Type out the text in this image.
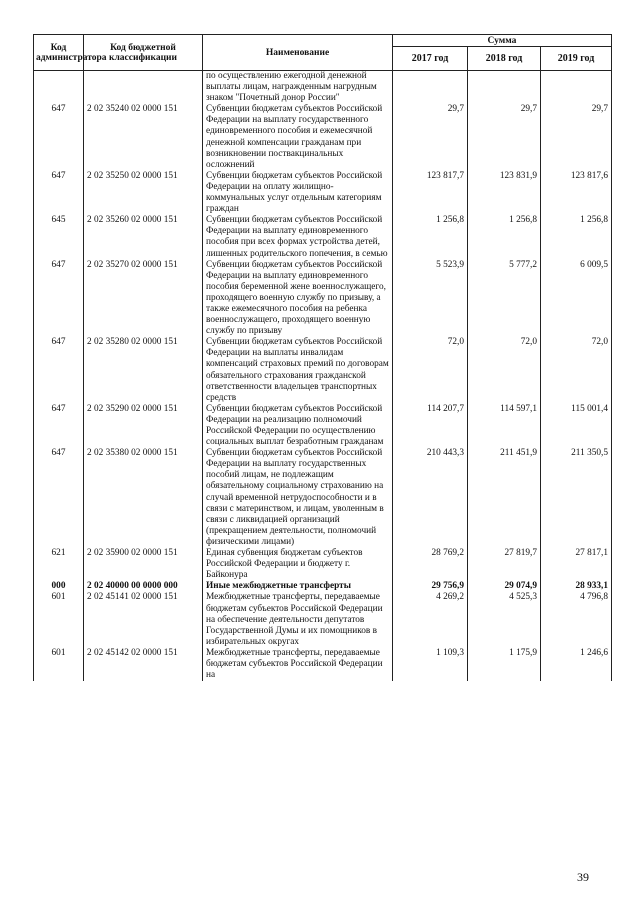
Код администратора	Код бюджетной классификации	Наименование	Сумма		
			2017 год	2018 год	2019 год
		по осуществлению ежегодной денежной выплаты лицам, награжденным нагрудным знаком "Почетный донор России"			
647	2 02 35240 02 0000 151	Субвенции бюджетам субъектов Российской Федерации на выплату государственного единовременного пособия и ежемесячной денежной компенсации гражданам при возникновении поствакцинальных осложнений	29,7	29,7	29,7
647	2 02 35250 02 0000 151	Субвенции бюджетам субъектов Российской Федерации на оплату жилищно-коммунальных услуг отдельным категориям граждан	123 817,7	123 831,9	123 817,6
645	2 02 35260 02 0000 151	Субвенции бюджетам субъектов Российской Федерации на выплату единовременного пособия при всех формах устройства детей, лишенных родительского попечения, в семью	1 256,8	1 256,8	1 256,8
647	2 02 35270 02 0000 151	Субвенции бюджетам субъектов Российской Федерации на выплату единовременного пособия беременной жене военнослужащего, проходящего военную службу по призыву, а также ежемесячного пособия на ребенка военнослужащего, проходящего военную службу по призыву	5 523,9	5 777,2	6 009,5
647	2 02 35280 02 0000 151	Субвенции бюджетам субъектов Российской Федерации на выплаты инвалидам компенсаций страховых премий по договорам обязательного страхования гражданской ответственности владельцев транспортных средств	72,0	72,0	72,0
647	2 02 35290 02 0000 151	Субвенции бюджетам субъектов Российской Федерации на реализацию полномочий Российской Федерации по осуществлению социальных выплат безработным гражданам	114 207,7	114 597,1	115 001,4
647	2 02 35380 02 0000 151	Субвенции бюджетам субъектов Российской Федерации на выплату государственных пособий лицам, не подлежащим обязательному социальному страхованию на случай временной нетрудоспособности и в связи с материнством, и лицам, уволенным в связи с ликвидацией организаций (прекращением деятельности, полномочий физическими лицами)	210 443,3	211 451,9	211 350,5
621	2 02 35900 02 0000 151	Единая субвенция бюджетам субъектов Российской Федерации и бюджету г. Байконура	28 769,2	27 819,7	27 817,1
000	2 02 40000 00 0000 000	Иные межбюджетные трансферты	29 756,9	29 074,9	28 933,1
601	2 02 45141 02 0000 151	Межбюджетные трансферты, передаваемые бюджетам субъектов Российской Федерации на обеспечение деятельности депутатов Государственной Думы и их помощников в избирательных округах	4 269,2	4 525,3	4 796,8
601	2 02 45142 02 0000 151	Межбюджетные трансферты, передаваемые бюджетам субъектов Российской Федерации на	1 109,3	1 175,9	1 246,6
39
